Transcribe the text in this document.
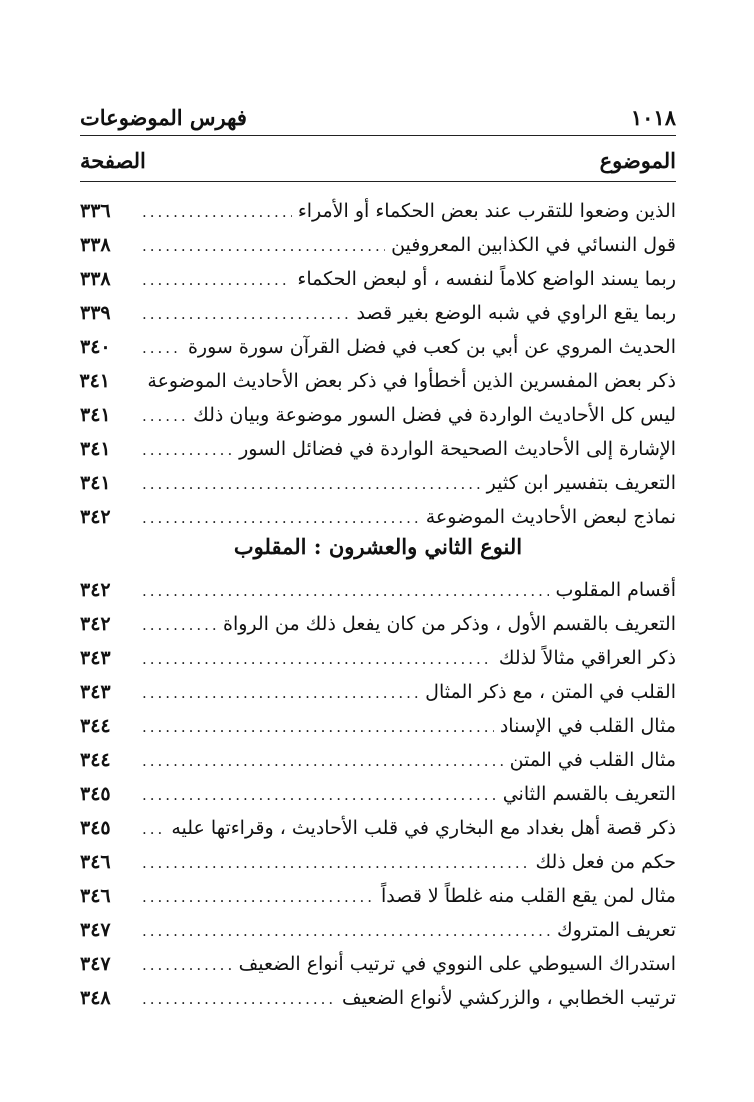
١٠١٨
فهرس الموضوعات
الموضوع
الصفحة
الذين وضعوا للتقرب عند بعض الحكماء أو الأمراء
.....
٣٣٦
قول النسائي في الكذابين المعروفين
.....
٣٣٨
ربما يسند الواضع كلاماً لنفسه ، أو لبعض الحكماء
.....
٣٣٨
ربما يقع الراوي في شبه الوضع بغير قصد
.....
٣٣٩
الحديث المروي عن أبي بن كعب في فضل القرآن سورة سورة
.....
٣٤٠
ذكر بعض المفسرين الذين أخطأوا في ذكر بعض الأحاديث الموضوعة
٣٤١
ليس كل الأحاديث الواردة في فضل السور موضوعة وبيان ذلك
.....
٣٤١
الإشارة إلى الأحاديث الصحيحة الواردة في فضائل السور
.....
٣٤١
التعريف بتفسير ابن كثير
.....
٣٤١
نماذج لبعض الأحاديث الموضوعة
.....
٣٤٢
النوع الثاني والعشرون : المقلوب
أقسام المقلوب
.....
٣٤٢
التعريف بالقسم الأول ، وذكر من كان يفعل ذلك من الرواة
.....
٣٤٢
ذكر العراقي مثالاً لذلك
.....
٣٤٣
القلب في المتن ، مع ذكر المثال
.....
٣٤٣
مثال القلب في الإسناد
.....
٣٤٤
مثال القلب في المتن
.....
٣٤٤
التعريف بالقسم الثاني
.....
٣٤٥
ذكر قصة أهل بغداد مع البخاري في قلب الأحاديث ، وقراءتها عليه
.....
٣٤٥
حكم من فعل ذلك
.....
٣٤٦
مثال لمن يقع القلب منه غلطاً لا قصداً
.....
٣٤٦
تعريف المتروك
.....
٣٤٧
استدراك السيوطي على النووي في ترتيب أنواع الضعيف
.....
٣٤٧
ترتيب الخطابي ، والزركشي لأنواع الضعيف
.....
٣٤٨
